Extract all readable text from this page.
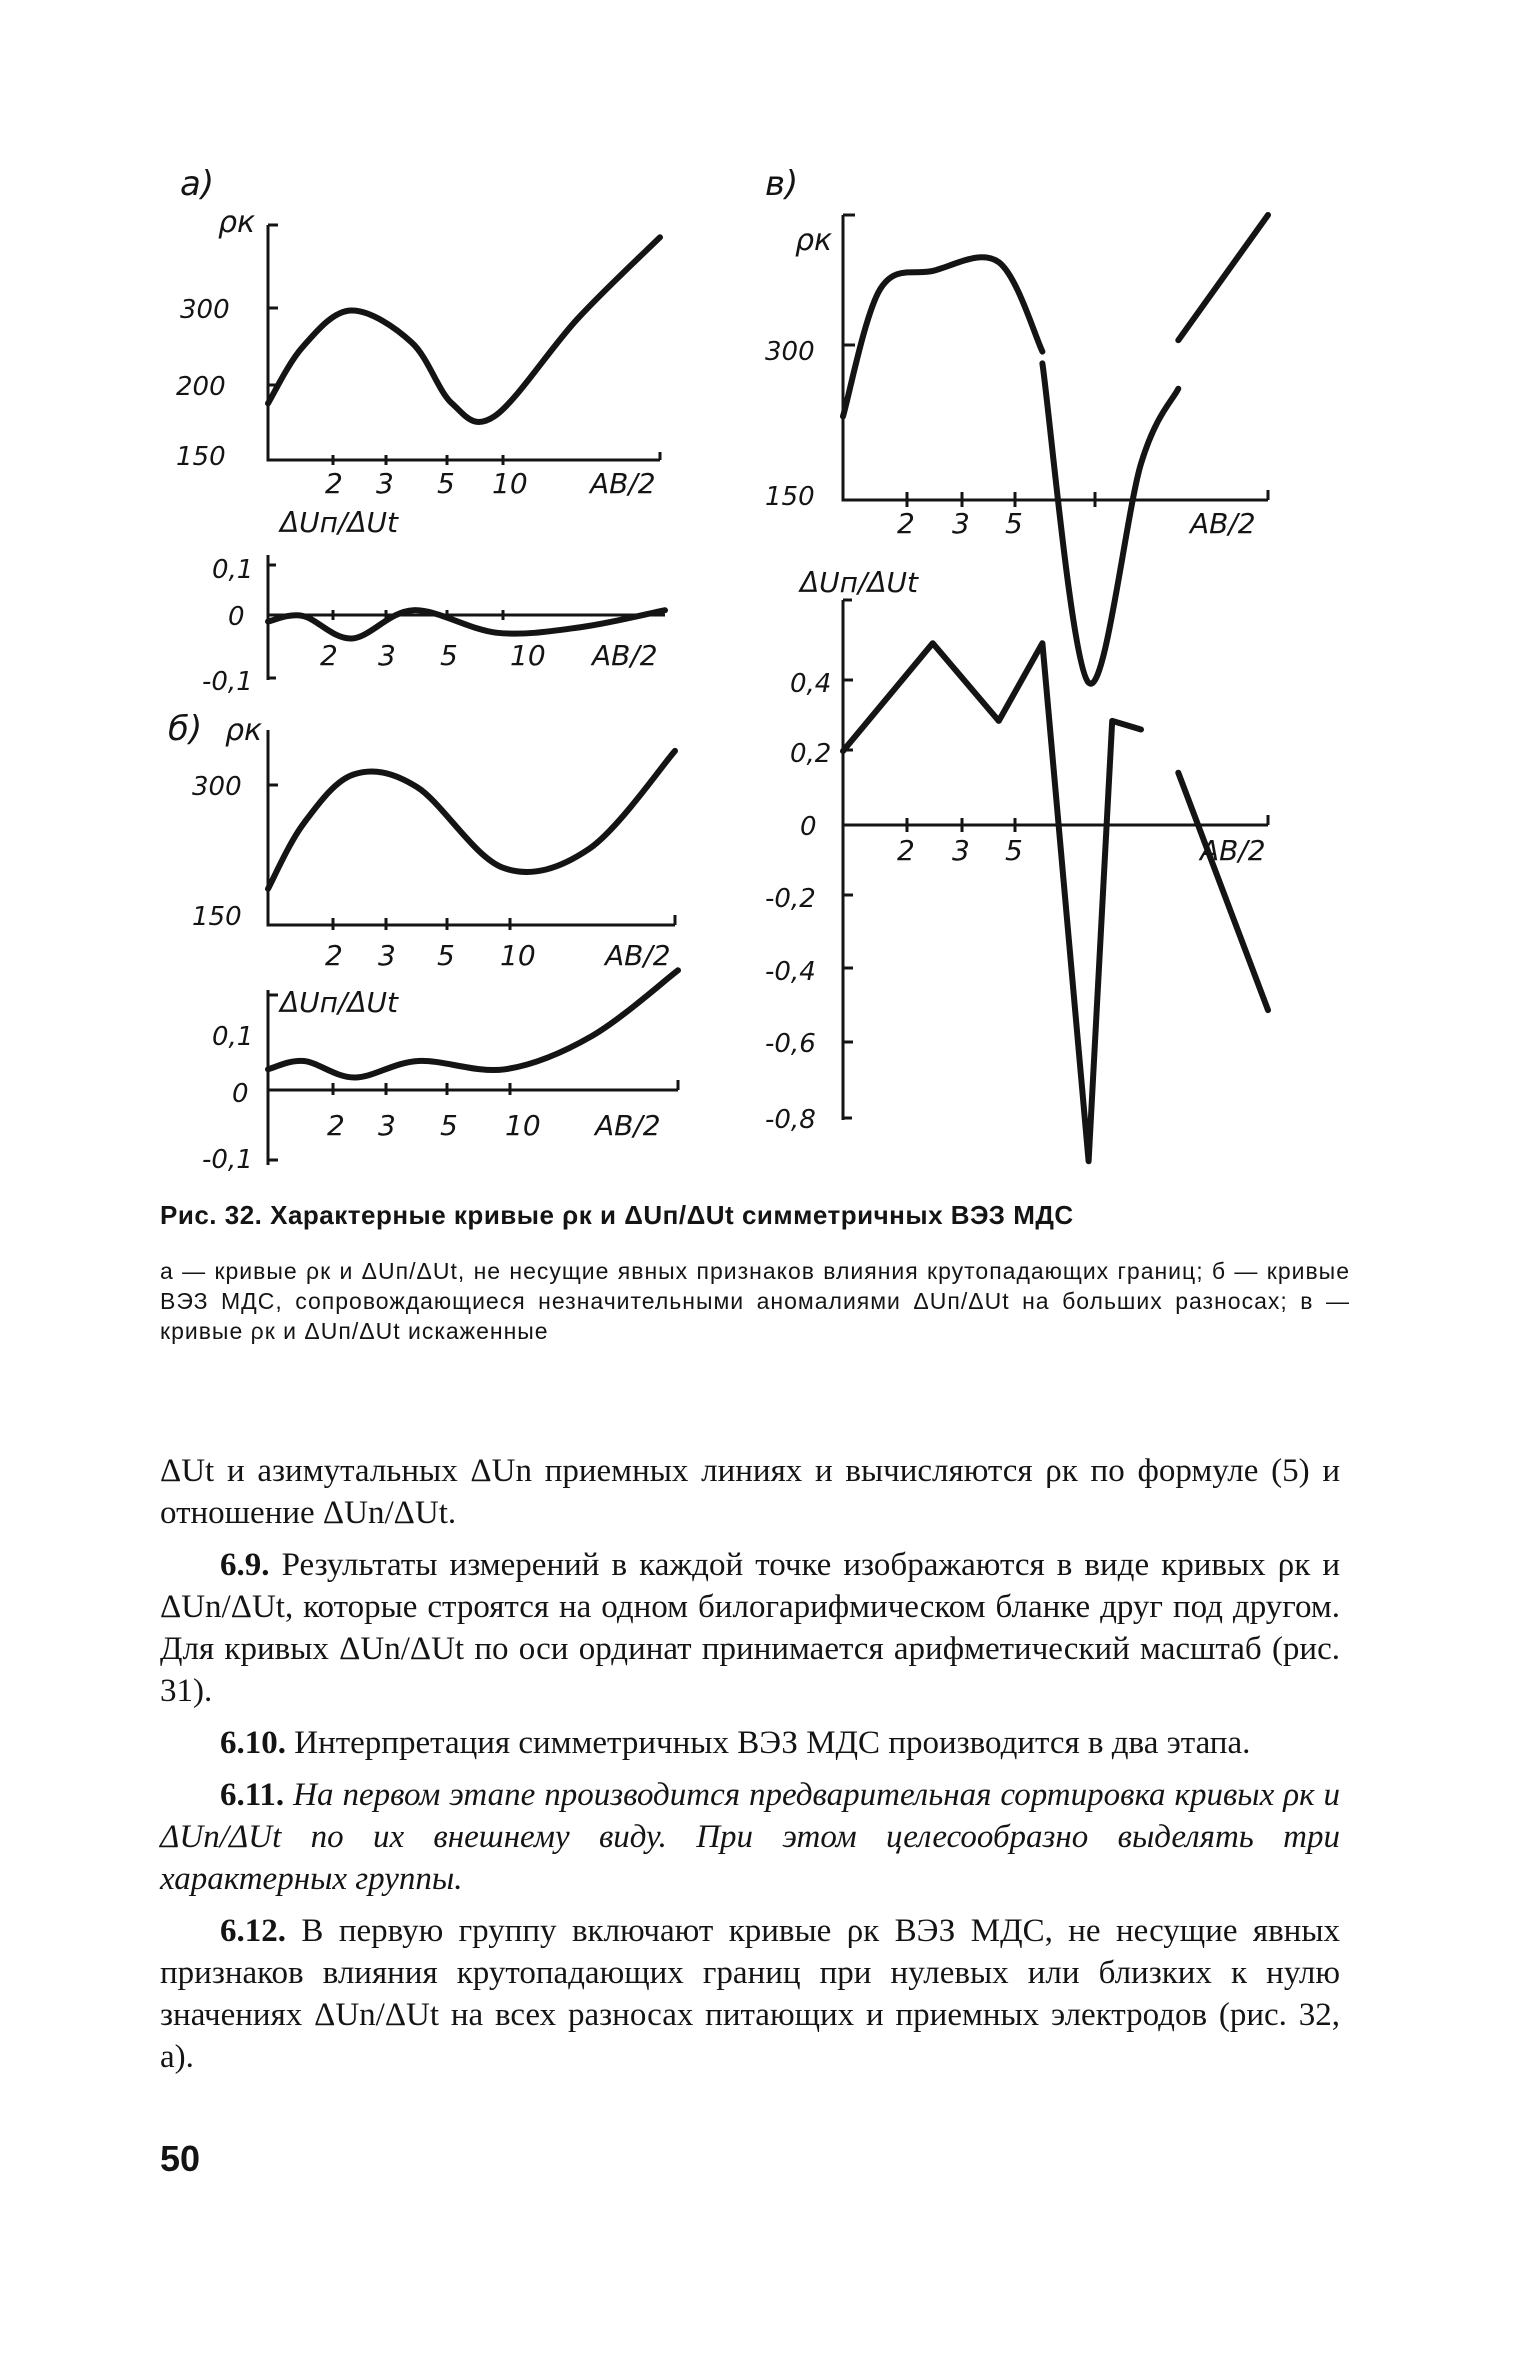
a)
ρк
300
200
150
2 3 5 10 AB/2
ΔUп/ΔUt
0,1
0
-0,1
2 3 5 10 AB/2
б) ρк
300
150
2 3 5 10 AB/2
ΔUп/ΔUt
0,1
0
-0,1
2 3 5 10 AB/2
в)
ρк
300
150
2 3 5	AB/2
ΔUп/ΔUt
0,4
0,2
0
-0,2
-0,4
-0,6
-0,8
2 3 5	AB/2
Рис. 32. Характерные кривые ρк и ΔUп/ΔUt симметричных ВЭЗ МДС
а — кривые ρк и ΔUп/ΔUt, не несущие явных признаков влияния крутопадающих границ; б — кривые ВЭЗ МДС, сопровождающиеся незначительными аномалиями ΔUп/ΔUt на больших разносах; в — кривые ρк и ΔUп/ΔUt искаженные

ΔUt и азимутальных ΔUn приемных линиях и вычисляются ρк по формуле (5) и отношение ΔUn/ΔUt.

6.9. Результаты измерений в каждой точке изображаются в виде кривых ρк и ΔUn/ΔUt, которые строятся на одном билогарифмическом бланке друг под другом. Для кривых ΔUn/ΔUt по оси ординат принимается арифметический масштаб (рис. 31).

6.10. Интерпретация симметричных ВЭЗ МДС производится в два этапа.

6.11. На первом этапе производится предварительная сортировка кривых ρк и ΔUn/ΔUt по их внешнему виду. При этом целесообразно выделять три характерных группы.

6.12. В первую группу включают кривые ρк ВЭЗ МДС, не несущие явных признаков влияния крутопадающих границ при нулевых или близких к нулю значениях ΔUn/ΔUt на всех разносах питающих и приемных электродов (рис. 32, а).

50
